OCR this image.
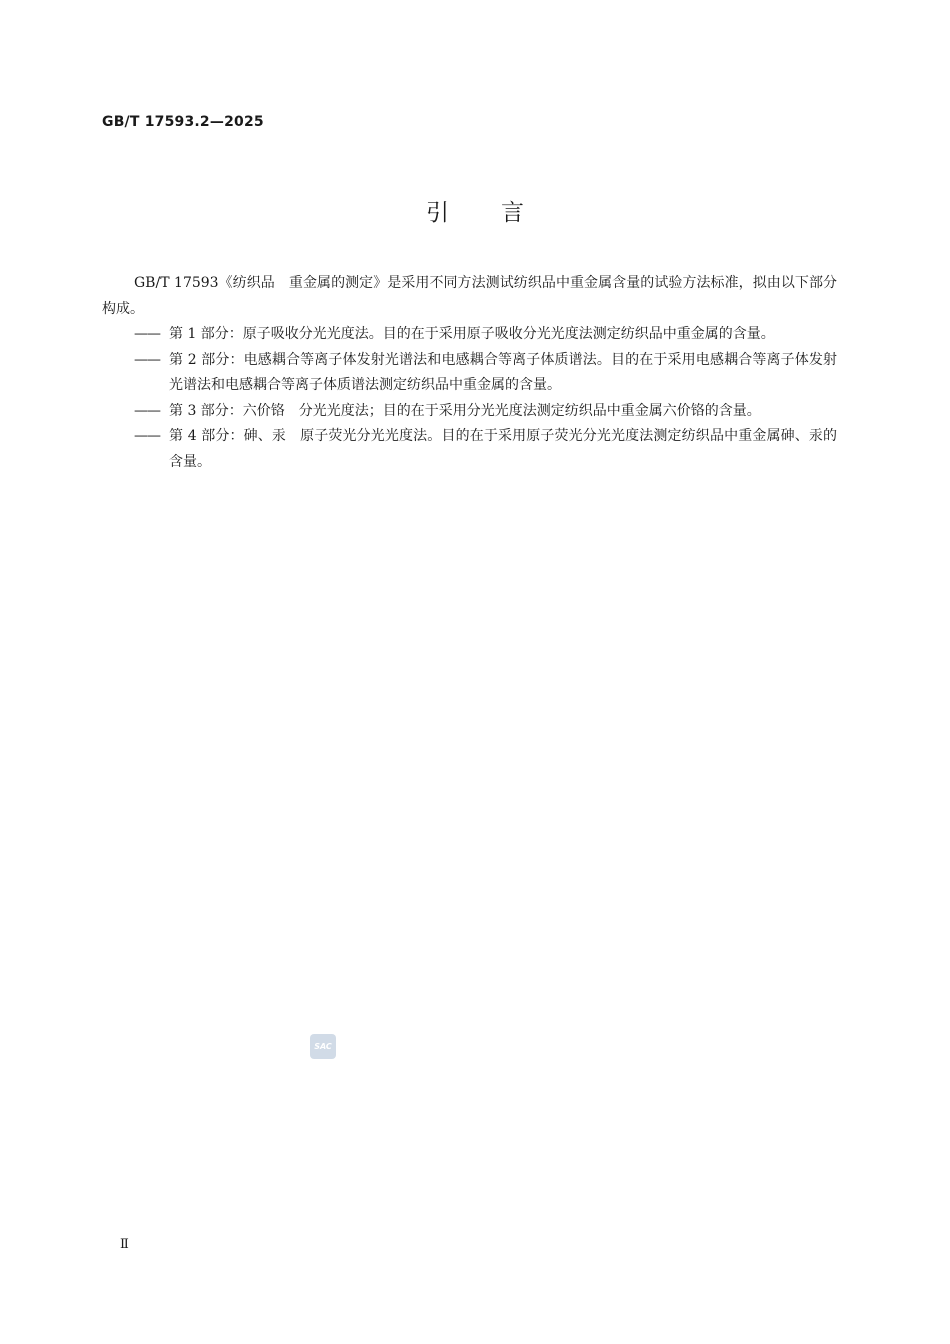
GB/T 17593.2—2025
引言

GB/T 17593《纺织品　重金属的测定》是采用不同方法测试纺织品中重金属含量的试验方法标准，拟由以下部分构成。

—— 第 1 部分：原子吸收分光光度法。目的在于采用原子吸收分光光度法测定纺织品中重金属的含量。

—— 第 2 部分：电感耦合等离子体发射光谱法和电感耦合等离子体质谱法。目的在于采用电感耦合等离子体发射光谱法和电感耦合等离子体质谱法测定纺织品中重金属的含量。

—— 第 3 部分：六价铬　分光光度法；目的在于采用分光光度法测定纺织品中重金属六价铬的含量。

—— 第 4 部分：砷、汞　原子荧光分光光度法。目的在于采用原子荧光分光光度法测定纺织品中重金属砷、汞的含量。

SAC
Ⅱ
